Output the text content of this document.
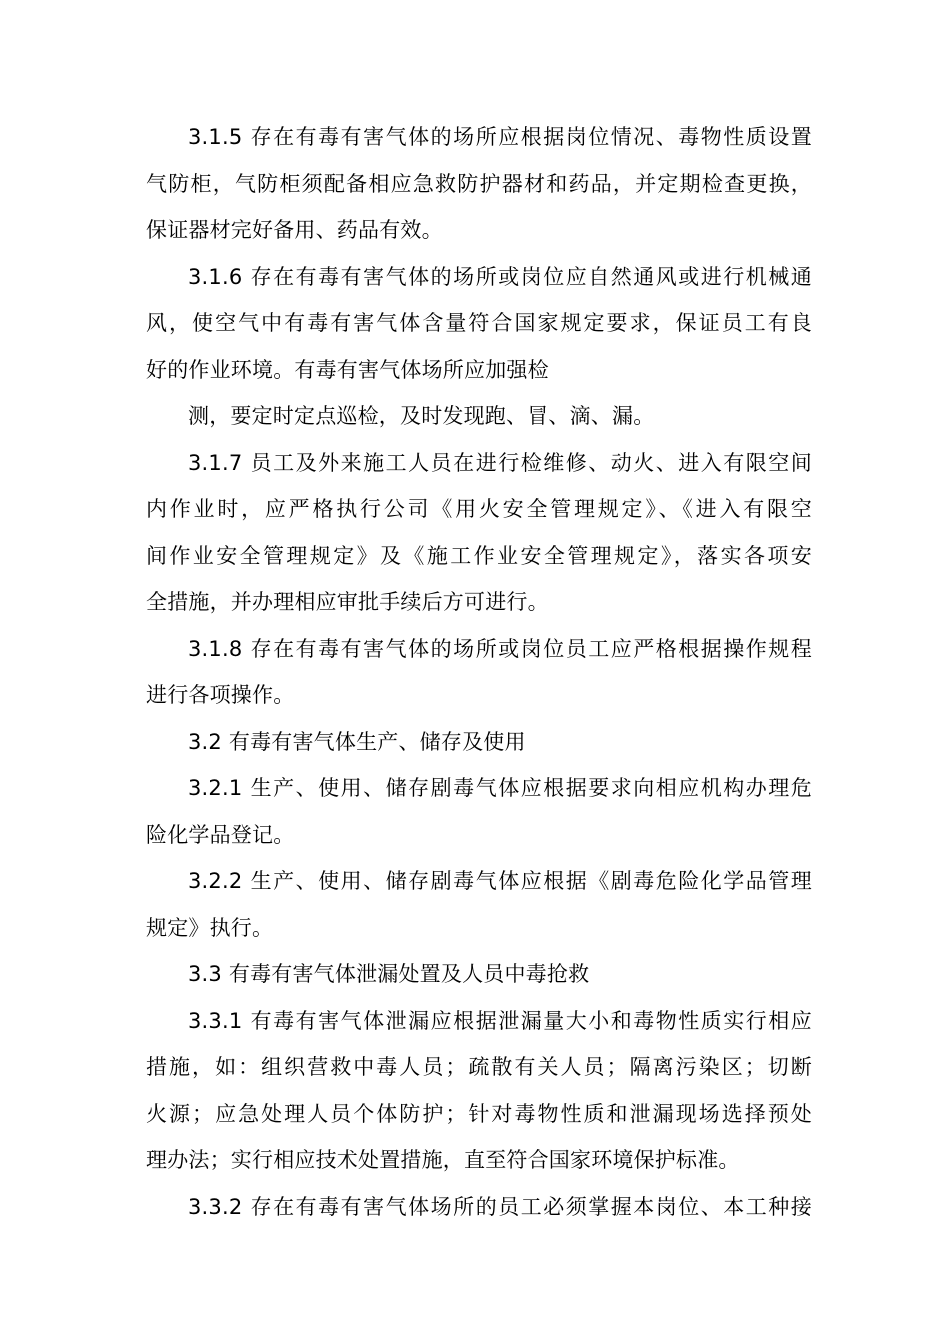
3.1.5 存在有毒有害气体的场所应根据岗位情况、毒物性质设置
气防柜，气防柜须配备相应急救防护器材和药品，并定期检查更换，
保证器材完好备用、药品有效。
3.1.6 存在有毒有害气体的场所或岗位应自然通风或进行机械通
风，使空气中有毒有害气体含量符合国家规定要求，保证员工有良
好的作业环境。有毒有害气体场所应加强检
测，要定时定点巡检，及时发现跑、冒、滴、漏。
3.1.7 员工及外来施工人员在进行检维修、动火、进入有限空间
内作业时，应严格执行公司《用火安全管理规定》、《进入有限空
间作业安全管理规定》及《施工作业安全管理规定》，落实各项安
全措施，并办理相应审批手续后方可进行。
3.1.8 存在有毒有害气体的场所或岗位员工应严格根据操作规程
进行各项操作。
3.2 有毒有害气体生产、储存及使用
3.2.1 生产、使用、储存剧毒气体应根据要求向相应机构办理危
险化学品登记。
3.2.2 生产、使用、储存剧毒气体应根据《剧毒危险化学品管理
规定》执行。
3.3 有毒有害气体泄漏处置及人员中毒抢救
3.3.1 有毒有害气体泄漏应根据泄漏量大小和毒物性质实行相应
措施，如：组织营救中毒人员；疏散有关人员；隔离污染区；切断
火源；应急处理人员个体防护；针对毒物性质和泄漏现场选择预处
理办法；实行相应技术处置措施，直至符合国家环境保护标准。
3.3.2 存在有毒有害气体场所的员工必须掌握本岗位、本工种接
